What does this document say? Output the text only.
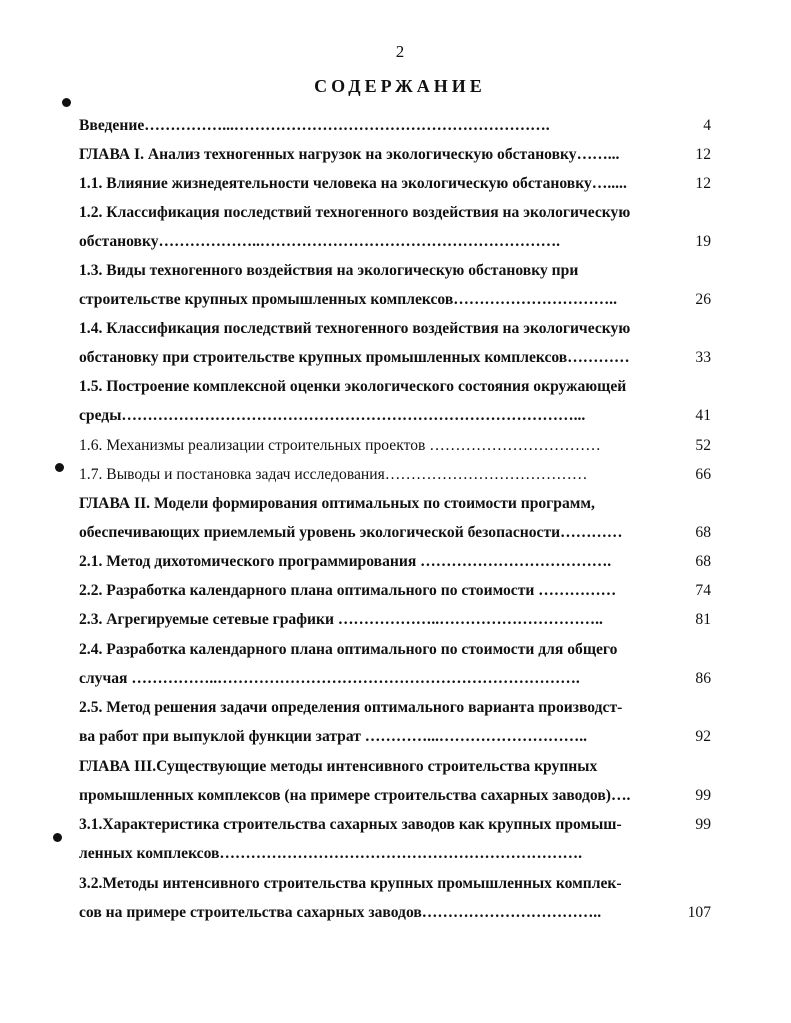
2
СОДЕРЖАНИЕ
Введение……………...…………………………………………………….	4
ГЛАВА I. Анализ техногенных нагрузок на экологическую обстановку……...	12
1.1. Влияние жизнедеятельности человека на экологическую обстановку….....	12
1.2. Классификация последствий техногенного воздействия на экологическую
обстановку………………..………………………………………………….	19
1.3. Виды техногенного воздействия на экологическую обстановку при
строительстве крупных промышленных комплексов…………………………..	26
1.4. Классификация последствий техногенного воздействия на экологическую
обстановку при строительстве крупных промышленных комплексов…………	33
1.5. Построение комплексной оценки экологического состояния окружающей
среды……………………………………………………………………………...	41
1.6. Механизмы реализации строительных проектов ……………………………	52
1.7. Выводы и постановка задач исследования…………………………………	66
ГЛАВА II. Модели формирования оптимальных по стоимости программ,
обеспечивающих приемлемый уровень экологической безопасности…………	68
2.1. Метод дихотомического программирования ……………………………….	68
2.2. Разработка календарного плана оптимального по стоимости ……………	74
2.3. Агрегируемые сетевые графики ………………..…………………………..	81
2.4. Разработка календарного плана оптимального по стоимости для общего
случая ……………..…………………………………………………………….	86
2.5. Метод решения задачи определения оптимального варианта производст-
ва работ при выпуклой функции затрат …………...………………………..	92
ГЛАВА III.Существующие методы интенсивного строительства крупных
промышленных комплексов (на примере строительства сахарных заводов)….	99
3.1.Характеристика строительства сахарных заводов как крупных промыш-	99
ленных комплексов…………………………………………………………….
3.2.Методы интенсивного строительства крупных промышленных комплек-
сов на примере строительства сахарных заводов……………………………..	107
